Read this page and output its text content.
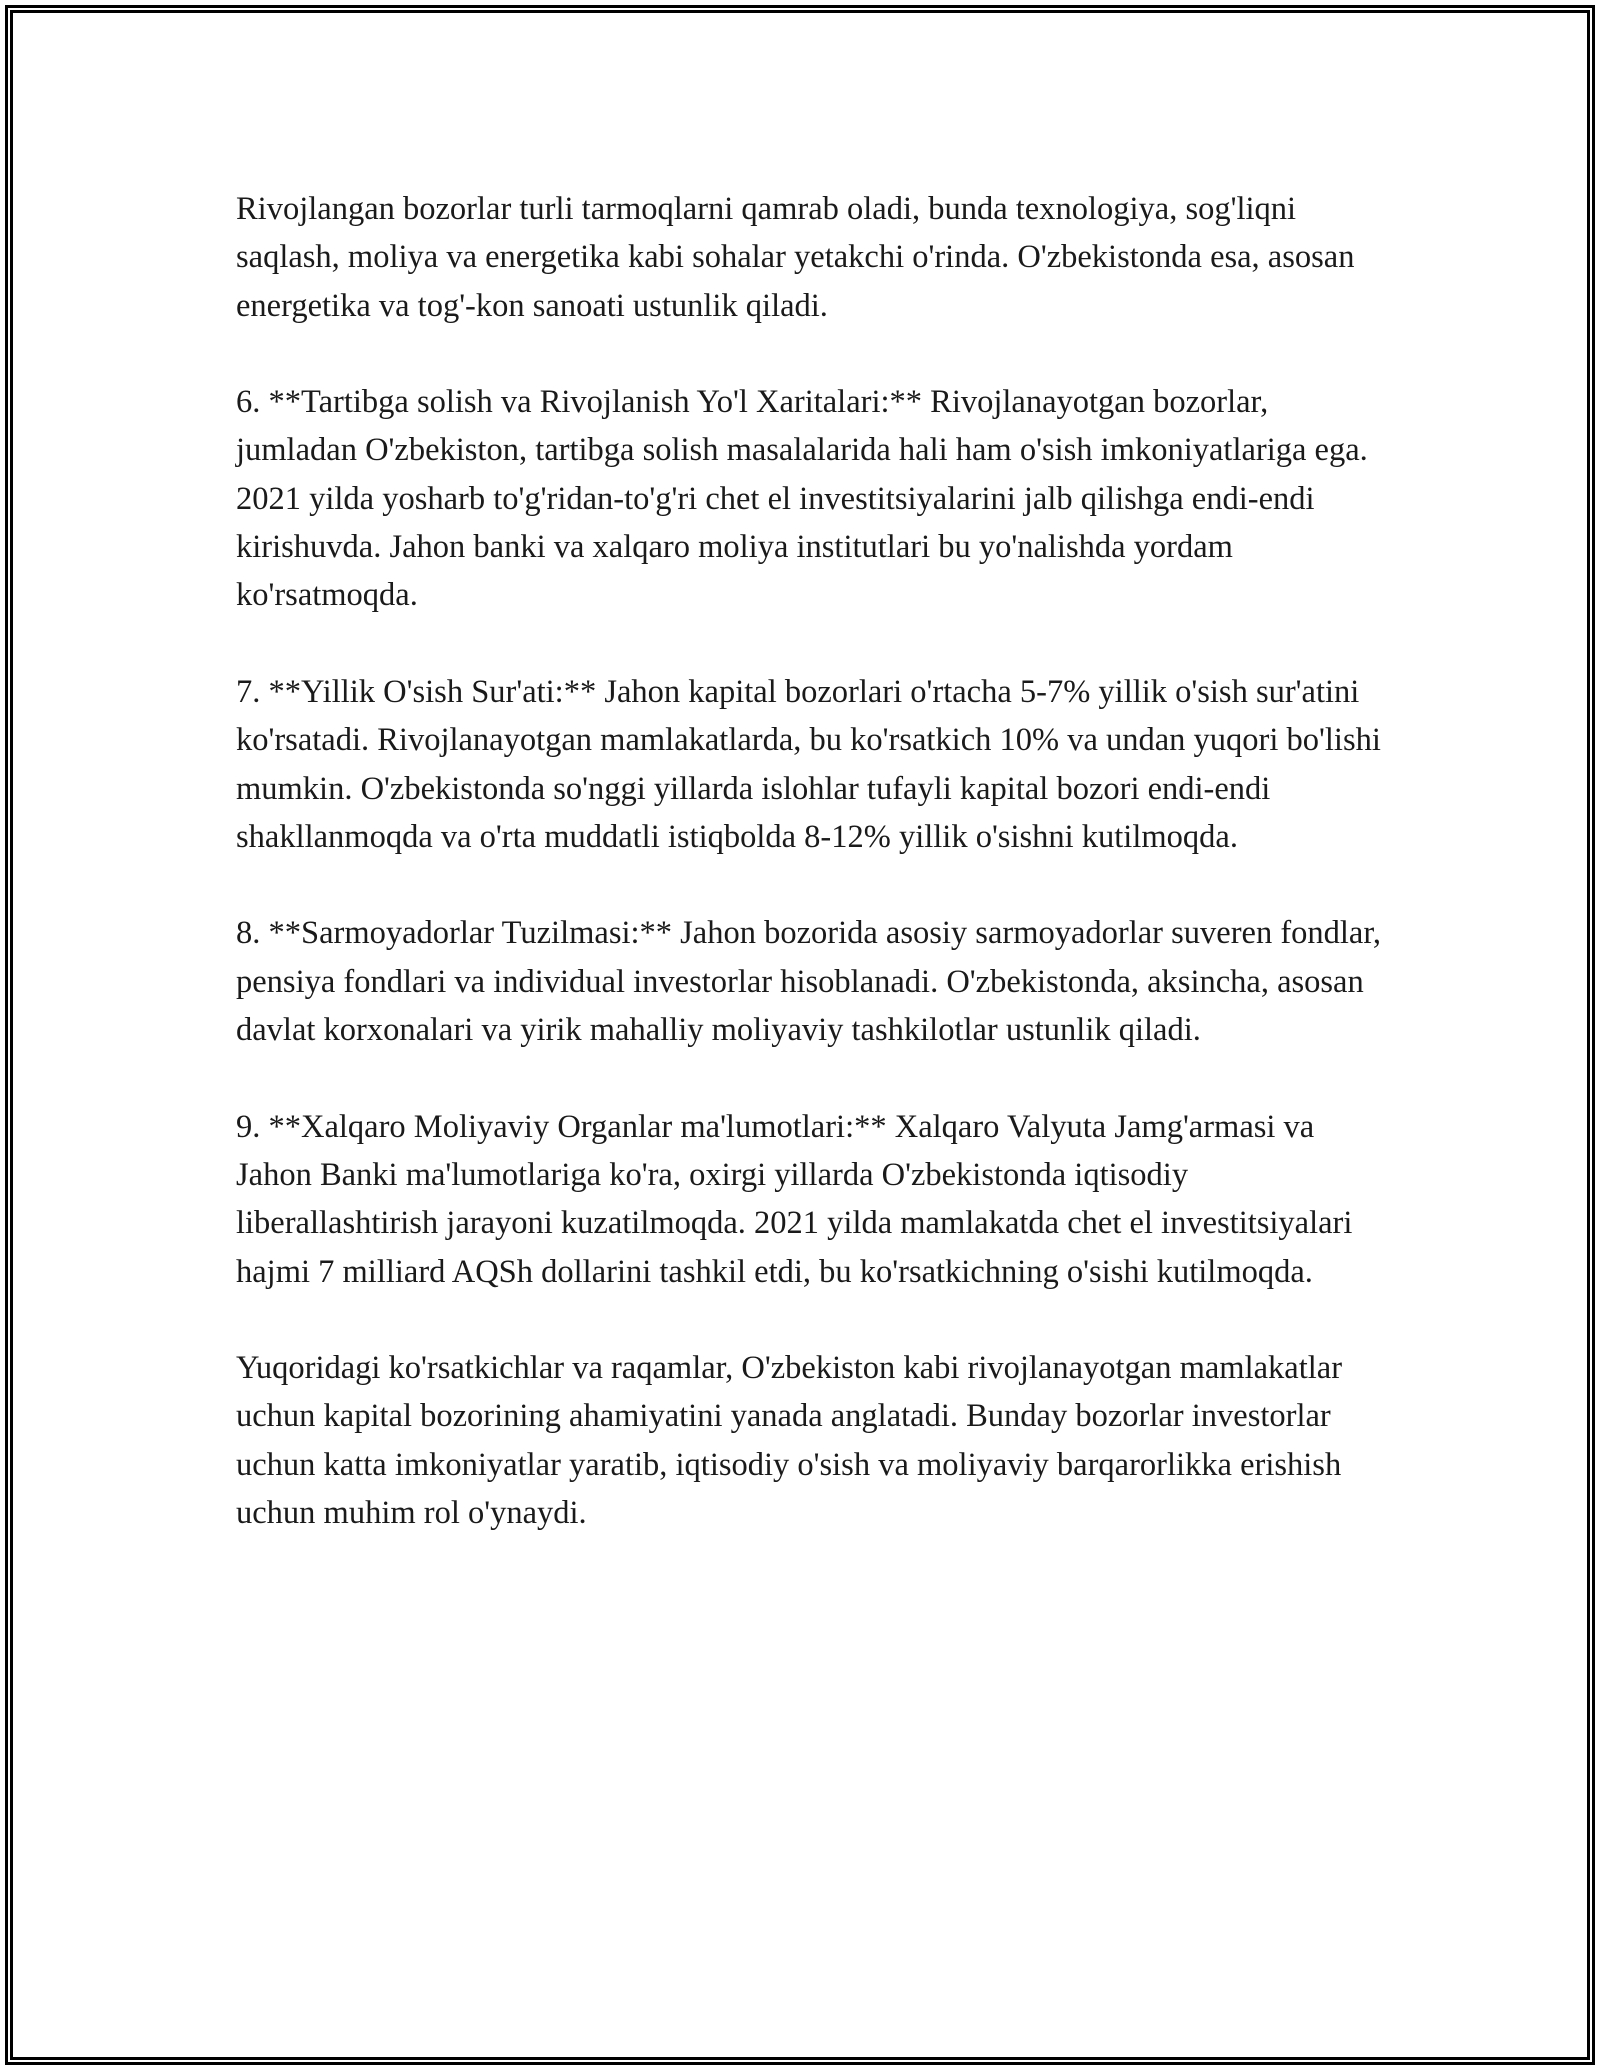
Rivojlangan bozorlar turli tarmoqlarni qamrab oladi, bunda texnologiya, sog'liqni saqlash, moliya va energetika kabi sohalar yetakchi o'rinda. O'zbekistonda esa, asosan energetika va tog'-kon sanoati ustunlik qiladi.

6. **Tartibga solish va Rivojlanish Yo'l Xaritalari:** Rivojlanayotgan bozorlar, jumladan O'zbekiston, tartibga solish masalalarida hali ham o'sish imkoniyatlariga ega. 2021 yilda yosharb to'g'ridan-to'g'ri chet el investitsiyalarini jalb qilishga endi-endi kirishuvda. Jahon banki va xalqaro moliya institutlari bu yo'nalishda yordam ko'rsatmoqda.

7. **Yillik O'sish Sur'ati:** Jahon kapital bozorlari o'rtacha 5-7% yillik o'sish sur'atini ko'rsatadi. Rivojlanayotgan mamlakatlarda, bu ko'rsatkich 10% va undan yuqori bo'lishi mumkin. O'zbekistonda so'nggi yillarda islohlar tufayli kapital bozori endi-endi shakllanmoqda va o'rta muddatli istiqbolda 8-12% yillik o'sishni kutilmoqda.

8. **Sarmoyadorlar Tuzilmasi:** Jahon bozorida asosiy sarmoyadorlar suveren fondlar, pensiya fondlari va individual investorlar hisoblanadi. O'zbekistonda, aksincha, asosan davlat korxonalari va yirik mahalliy moliyaviy tashkilotlar ustunlik qiladi.

9. **Xalqaro Moliyaviy Organlar ma'lumotlari:** Xalqaro Valyuta Jamg'armasi va Jahon Banki ma'lumotlariga ko'ra, oxirgi yillarda O'zbekistonda iqtisodiy liberallashtirish jarayoni kuzatilmoqda. 2021 yilda mamlakatda chet el investitsiyalari hajmi 7 milliard AQSh dollarini tashkil etdi, bu ko'rsatkichning o'sishi kutilmoqda.

Yuqoridagi ko'rsatkichlar va raqamlar, O'zbekiston kabi rivojlanayotgan mamlakatlar uchun kapital bozorining ahamiyatini yanada anglatadi. Bunday bozorlar investorlar uchun katta imkoniyatlar yaratib, iqtisodiy o'sish va moliyaviy barqarorlikka erishish uchun muhim rol o'ynaydi.
